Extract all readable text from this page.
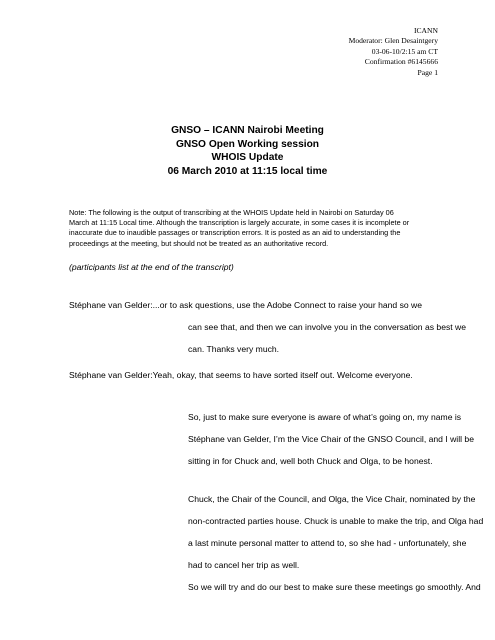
ICANN
Moderator: Glen Desaintgery
03-06-10/2:15 am CT
Confirmation #6145666
Page 1
GNSO – ICANN Nairobi Meeting
GNSO Open Working session
WHOIS Update
06 March 2010 at 11:15 local time
Note: The following is the output of transcribing at the WHOIS Update held in Nairobi on Saturday 06
March at 11:15 Local time. Although the transcription is largely accurate, in some cases it is incomplete or
inaccurate due to inaudible passages or transcription errors. It is posted as an aid to understanding the
proceedings at the meeting, but should not be treated as an authoritative record.
(participants list at the end of the transcript)
Stéphane van Gelder:...or to ask questions, use the Adobe Connect to raise your hand so we
can see that, and then we can involve you in the conversation as best we
can. Thanks very much.
Stéphane van Gelder:Yeah, okay, that seems to have sorted itself out. Welcome everyone.
So, just to make sure everyone is aware of what’s going on, my name is
Stéphane van Gelder, I’m the Vice Chair of the GNSO Council, and I will be
sitting in for Chuck and, well both Chuck and Olga, to be honest.
Chuck, the Chair of the Council, and Olga, the Vice Chair, nominated by the
non-contracted parties house. Chuck is unable to make the trip, and Olga had
a last minute personal matter to attend to, so she had - unfortunately, she
had to cancel her trip as well.
So we will try and do our best to make sure these meetings go smoothly. And
